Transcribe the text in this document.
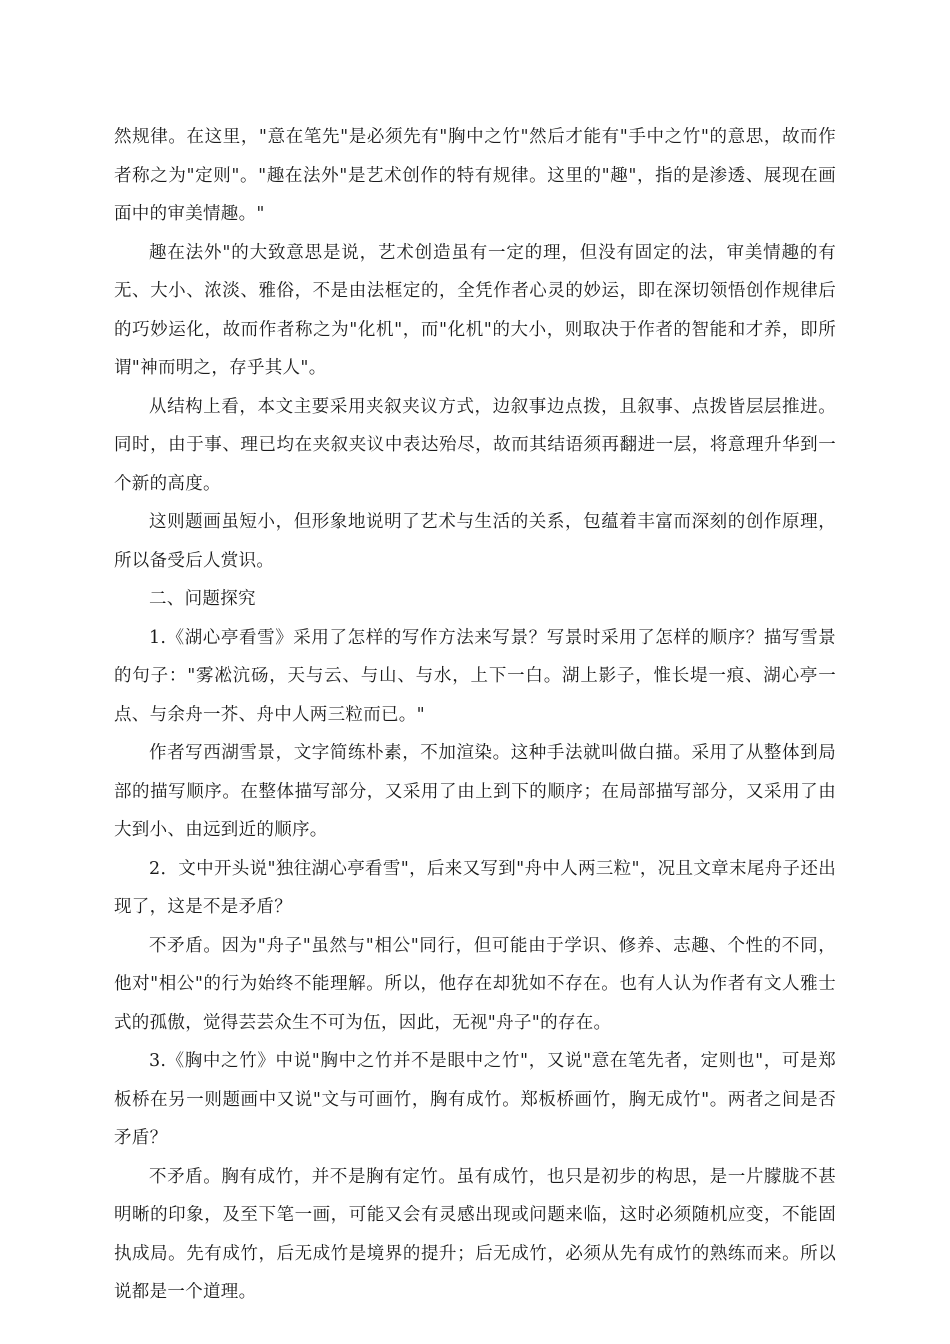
然规律。在这里，"意在笔先"是必须先有"胸中之竹"然后才能有"手中之竹"的意思，故而作者称之为"定则"。"趣在法外"是艺术创作的特有规律。这里的"趣"，指的是渗透、展现在画面中的审美情趣。"

趣在法外"的大致意思是说，艺术创造虽有一定的理，但没有固定的法，审美情趣的有无、大小、浓淡、雅俗，不是由法框定的，全凭作者心灵的妙运，即在深切领悟创作规律后的巧妙运化，故而作者称之为"化机"，而"化机"的大小，则取决于作者的智能和才养，即所谓"神而明之，存乎其人"。

从结构上看，本文主要采用夹叙夹议方式，边叙事边点拨，且叙事、点拨皆层层推进。同时，由于事、理已均在夹叙夹议中表达殆尽，故而其结语须再翻进一层，将意理升华到一个新的高度。

这则题画虽短小，但形象地说明了艺术与生活的关系，包蕴着丰富而深刻的创作原理，所以备受后人赏识。

二、问题探究

1.《湖心亭看雪》采用了怎样的写作方法来写景？写景时采用了怎样的顺序？描写雪景的句子："雾凇沆砀，天与云、与山、与水，上下一白。湖上影子，惟长堤一痕、湖心亭一点、与余舟一芥、舟中人两三粒而已。"

作者写西湖雪景，文字简练朴素，不加渲染。这种手法就叫做白描。采用了从整体到局部的描写顺序。在整体描写部分，又采用了由上到下的顺序；在局部描写部分，又采用了由大到小、由远到近的顺序。

2．文中开头说"独往湖心亭看雪"，后来又写到"舟中人两三粒"，况且文章末尾舟子还出现了，这是不是矛盾？

不矛盾。因为"舟子"虽然与"相公"同行，但可能由于学识、修养、志趣、个性的不同，他对"相公"的行为始终不能理解。所以，他存在却犹如不存在。也有人认为作者有文人雅士式的孤傲，觉得芸芸众生不可为伍，因此，无视"舟子"的存在。

3.《胸中之竹》中说"胸中之竹并不是眼中之竹"，又说"意在笔先者，定则也"，可是郑板桥在另一则题画中又说"文与可画竹，胸有成竹。郑板桥画竹，胸无成竹"。两者之间是否矛盾？

不矛盾。胸有成竹，并不是胸有定竹。虽有成竹，也只是初步的构思，是一片朦胧不甚明晰的印象，及至下笔一画，可能又会有灵感出现或问题来临，这时必须随机应变，不能固执成局。先有成竹，后无成竹是境界的提升；后无成竹，必须从先有成竹的熟练而来。所以说都是一个道理。
